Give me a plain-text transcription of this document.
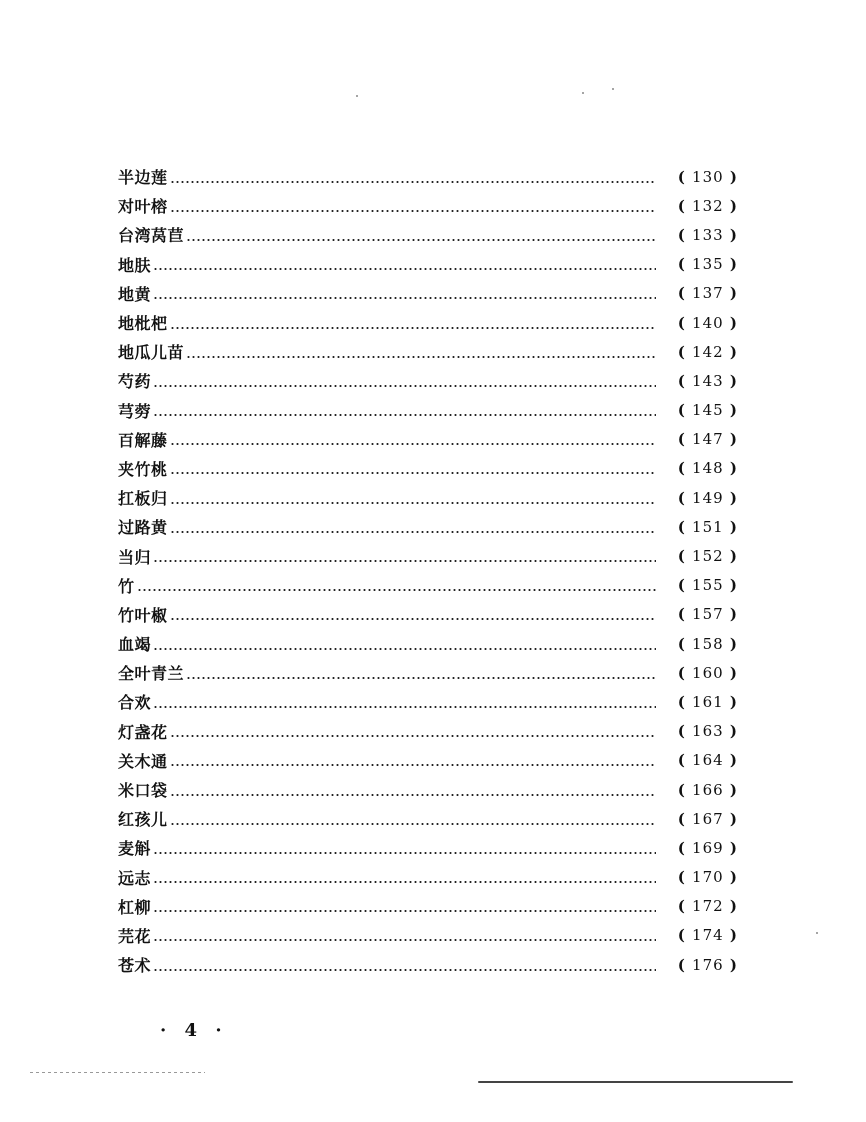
半边莲	( 130 )
对叶榕	( 132 )
台湾莴苣	( 133 )
地肤	( 135 )
地黄	( 137 )
地枇杷	( 140 )
地瓜儿苗	( 142 )
芍药	( 143 )
芎䓖	( 145 )
百解藤	( 147 )
夹竹桃	( 148 )
扛板归	( 149 )
过路黄	( 151 )
当归	( 152 )
竹	( 155 )
竹叶椒	( 157 )
血竭	( 158 )
全叶青兰	( 160 )
合欢	( 161 )
灯盏花	( 163 )
关木通	( 164 )
米口袋	( 166 )
红孩儿	( 167 )
麦斛	( 169 )
远志	( 170 )
杠柳	( 172 )
芫花	( 174 )
苍术	( 176 )
· 4 ·
